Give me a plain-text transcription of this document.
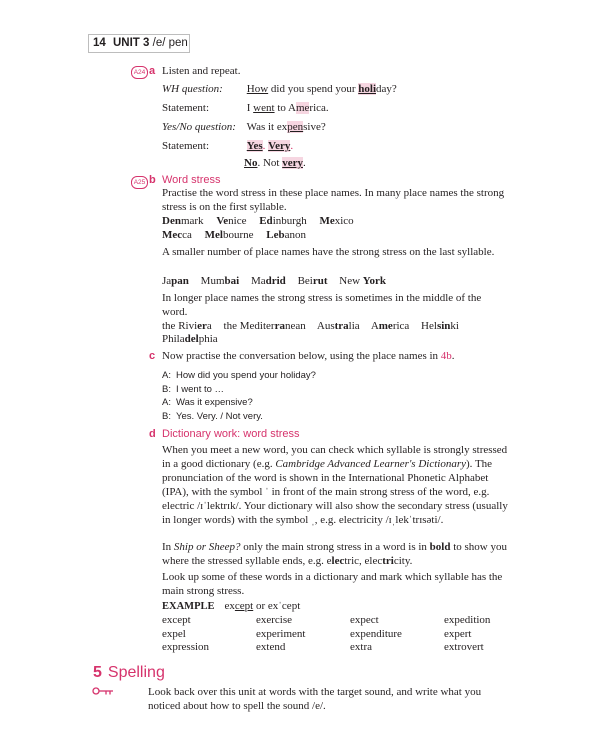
14 UNIT 3 /e/ pen
A24 a Listen and repeat.
WH question: How did you spend your holiday?
Statement:	I went to America.
Yes/No question: Was it expensive?
Statement:	Yes. Very.
No. Not very.
A25 b Word stress
Practise the word stress in these place names. In many place names the strong stress is on the first syllable.
Denmark Venice Edinburgh Mexico
Mecca Melbourne Lebanon
A smaller number of place names have the strong stress on the last syllable.
Japan Mumbai Madrid Beirut New York
In longer place names the strong stress is sometimes in the middle of the word.
the Riviera the Mediterranean Australia America Helsinki
Philadelphia
c Now practise the conversation below, using the place names in 4b.
A: How did you spend your holiday?
B: I went to …
A: Was it expensive?
B: Yes. Very. / Not very.
d Dictionary work: word stress
When you meet a new word, you can check which syllable is strongly stressed in a good dictionary (e.g. Cambridge Advanced Learner's Dictionary). The pronunciation of the word is shown in the International Phonetic Alphabet (IPA), with the symbol ˈ in front of the main strong stress of the word, e.g. electric /ɪˈlektrɪk/. Your dictionary will also show the secondary stress (usually in longer words) with the symbol ˌ, e.g. electricity /ɪˌlekˈtrɪsəti/.
In Ship or Sheep? only the main strong stress in a word is in bold to show you where the stressed syllable ends, e.g. electric, electricity.
Look up some of these words in a dictionary and mark which syllable has the main strong stress.
EXAMPLE except or exˈcept
except	exercise	expect	expedition
expel	experiment	expenditure	expert
expression	extend	extra	extrovert
5 Spelling
Look back over this unit at words with the target sound, and write what you noticed about how to spell the sound /e/.
